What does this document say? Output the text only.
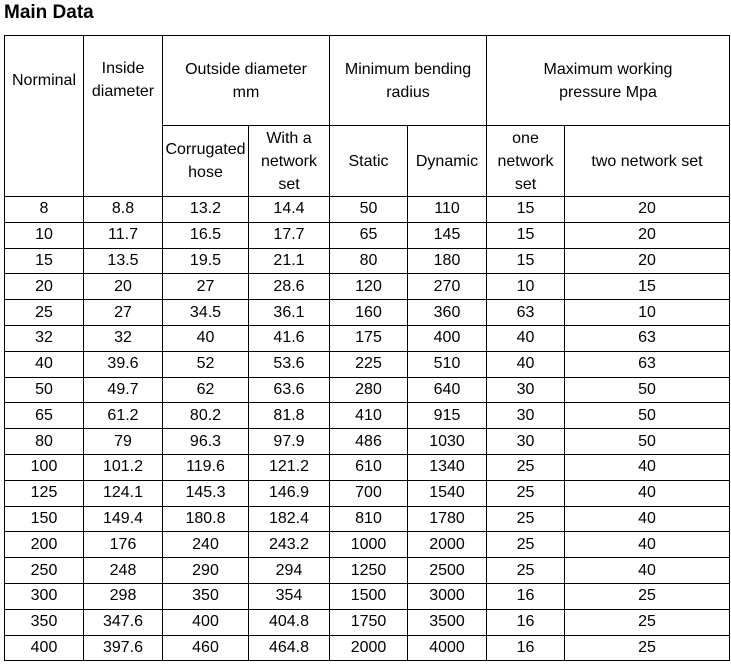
Main Data
Norminal	Inside diameter	Outside diameter mm		Minimum bending radius		Maximum working pressure Mpa	
		Corrugated hose	With a network set	Static	Dynamic	one network set	two network set
8	8.8	13.2	14.4	50	110	15	20
10	11.7	16.5	17.7	65	145	15	20
15	13.5	19.5	21.1	80	180	15	20
20	20	27	28.6	120	270	10	15
25	27	34.5	36.1	160	360	63	10
32	32	40	41.6	175	400	40	63
40	39.6	52	53.6	225	510	40	63
50	49.7	62	63.6	280	640	30	50
65	61.2	80.2	81.8	410	915	30	50
80	79	96.3	97.9	486	1030	30	50
100	101.2	119.6	121.2	610	1340	25	40
125	124.1	145.3	146.9	700	1540	25	40
150	149.4	180.8	182.4	810	1780	25	40
200	176	240	243.2	1000	2000	25	40
250	248	290	294	1250	2500	25	40
300	298	350	354	1500	3000	16	25
350	347.6	400	404.8	1750	3500	16	25
400	397.6	460	464.8	2000	4000	16	25
